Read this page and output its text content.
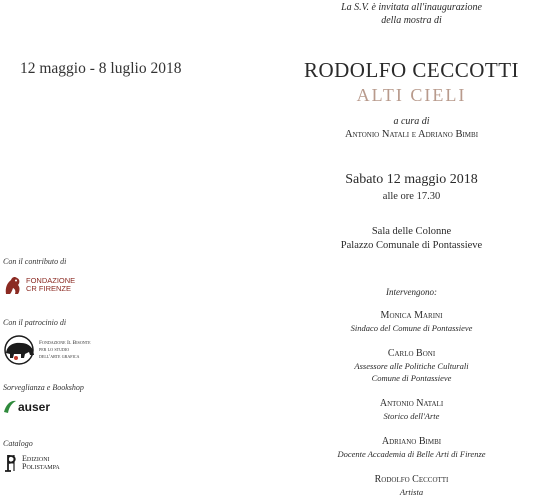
12 maggio - 8 luglio 2018
Con il contributo di
FONDAZIONE
CR FIRENZE
Con il patrocinio di
Fondazione Il Bisonte
per lo studio
dell'arte grafica
Sorveglianza e Bookshop
auser
Catalogo
Edizioni
Polistampa
La S.V. è invitata all'inaugurazione
della mostra di
RODOLFO CECCOTTI
ALTI CIELI
a cura di
Antonio Natali e Adriano Bimbi
Sabato 12 maggio 2018
alle ore 17.30
Sala delle Colonne
Palazzo Comunale di Pontassieve
Intervengono:
Monica Marini
Sindaco del Comune di Pontassieve
Carlo Boni
Assessore alle Politiche Culturali
Comune di Pontassieve
Antonio Natali
Storico dell'Arte
Adriano Bimbi
Docente Accademia di Belle Arti di Firenze
Rodolfo Ceccotti
Artista
